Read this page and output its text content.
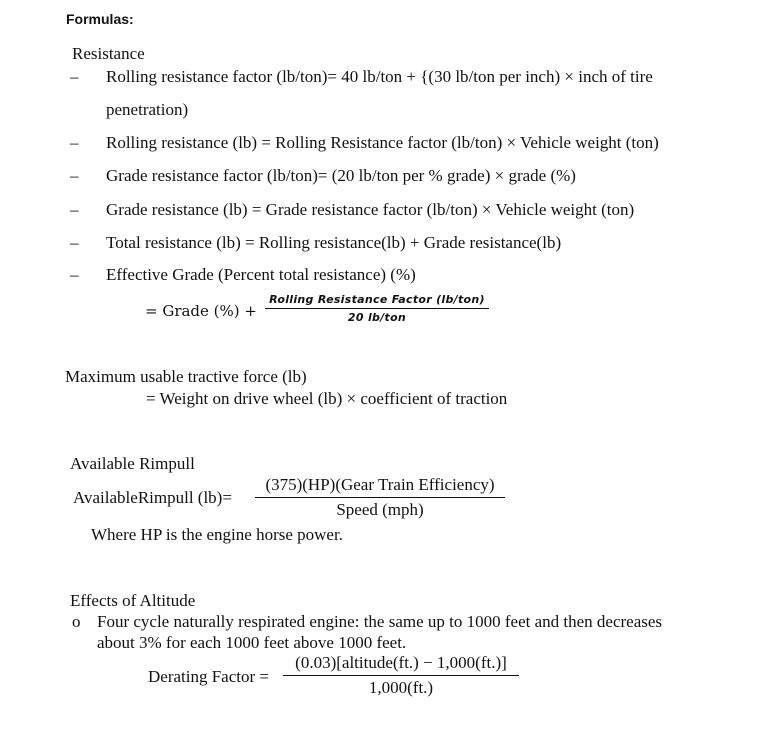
Formulas:
Resistance
– Rolling resistance factor (lb/ton)= 40 lb/ton + {(30 lb/ton per inch) × inch of tire
penetration)
– Rolling resistance (lb) = Rolling Resistance factor (lb/ton) × Vehicle weight (ton)
– Grade resistance factor (lb/ton)= (20 lb/ton per % grade) × grade (%)
– Grade resistance (lb) = Grade resistance factor (lb/ton) × Vehicle weight (ton)
– Total resistance (lb) = Rolling resistance(lb) + Grade resistance(lb)
– Effective Grade (Percent total resistance) (%)
= Grade (%) +
Rolling Resistance Factor (lb/ton)
20 lb/ton
Maximum usable tractive force (lb)
= Weight on drive wheel (lb) × coefficient of traction
Available Rimpull
AvailableRimpull (lb)=
(375)(HP)(Gear Train Efficiency)
Speed (mph)
Where HP is the engine horse power.
Effects of Altitude
o Four cycle naturally respirated engine: the same up to 1000 feet and then decreases
about 3% for each 1000 feet above 1000 feet.
Derating Factor =
(0.03)[altitude(ft.) − 1,000(ft.)]
1,000(ft.)
